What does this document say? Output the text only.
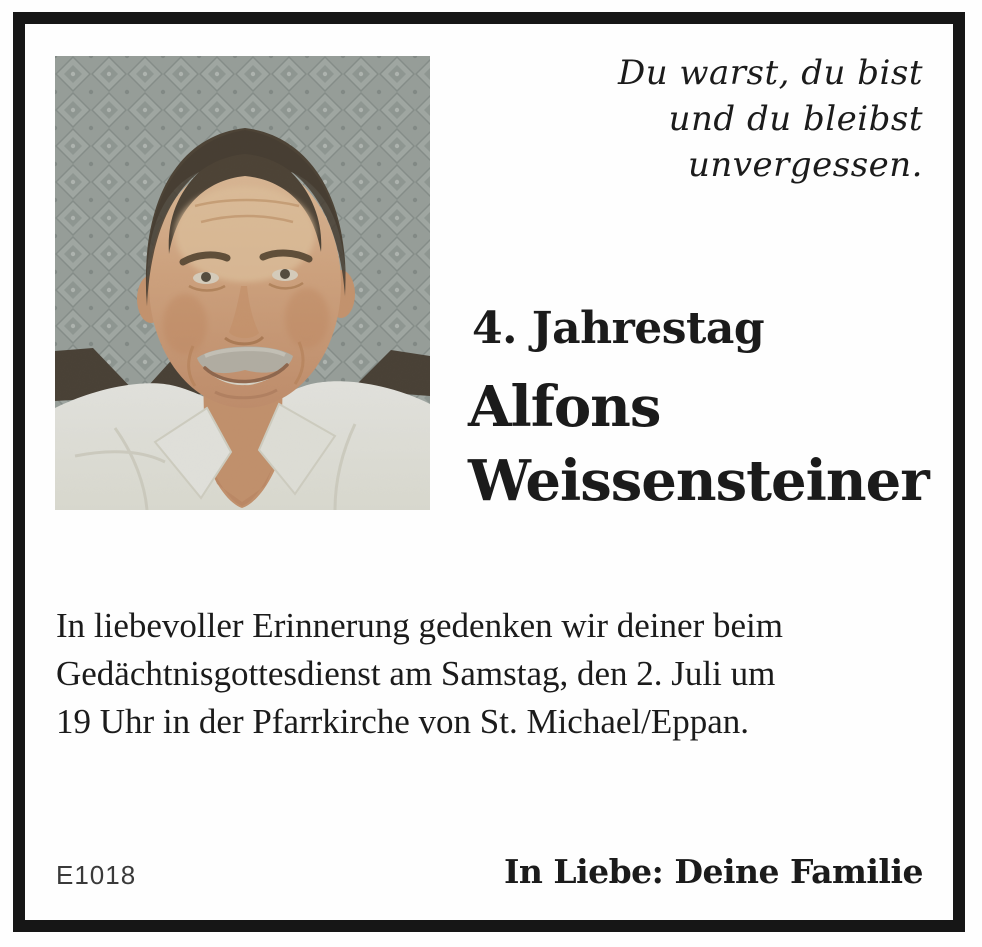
Du warst, du bist
und du bleibst
unvergessen.
4. Jahrestag
Alfons
Weissensteiner
In liebevoller Erinnerung gedenken wir deiner beim
Gedächtnisgottesdienst am Samstag, den 2. Juli um
19 Uhr in der Pfarrkirche von St. Michael/Eppan.
E1018	In Liebe: Deine Familie
